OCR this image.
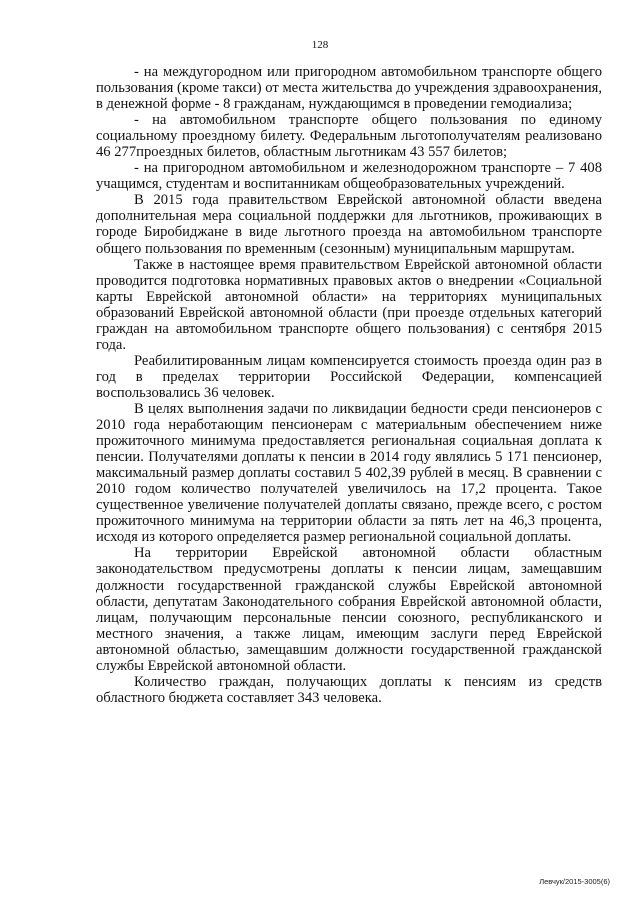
128

- на междугородном или пригородном автомобильном транспорте общего пользования (кроме такси) от места жительства до учреждения здравоохранения, в денежной форме - 8 гражданам, нуждающимся в проведении гемодиализа;

- на автомобильном транспорте общего пользования по единому социальному проездному билету. Федеральным льготополучателям реализовано 46 277проездных билетов, областным льготникам 43 557 билетов;

- на пригородном автомобильном и железнодорожном транспорте – 7 408 учащимся, студентам и воспитанникам общеобразовательных учреждений.

В 2015 года правительством Еврейской автономной области введена дополнительная мера социальной поддержки для льготников, проживающих в городе Биробиджане в виде льготного проезда на автомобильном транспорте общего пользования по временным (сезонным) муниципальным маршрутам.

Также в настоящее время правительством Еврейской автономной области проводится подготовка нормативных правовых актов о внедрении «Социальной карты Еврейской автономной области» на территориях муниципальных образований Еврейской автономной области (при проезде отдельных категорий граждан на автомобильном транспорте общего пользования) с сентября 2015 года.

Реабилитированным лицам компенсируется стоимость проезда один раз в год в пределах территории Российской Федерации, компенсацией воспользовались 36 человек.

В целях выполнения задачи по ликвидации бедности среди пенсионеров с 2010 года неработающим пенсионерам с материальным обеспечением ниже прожиточного минимума предоставляется региональная социальная доплата к пенсии. Получателями доплаты к пенсии в 2014 году являлись 5 171 пенсионер, максимальный размер доплаты составил 5 402,39 рублей в месяц. В сравнении с 2010 годом количество получателей увеличилось на 17,2 процента. Такое существенное увеличение получателей доплаты связано, прежде всего, с ростом прожиточного минимума на территории области за пять лет на 46,3 процента, исходя из которого определяется размер региональной социальной доплаты.

На территории Еврейской автономной области областным законодательством предусмотрены доплаты к пенсии лицам, замещавшим должности государственной гражданской службы Еврейской автономной области, депутатам Законодательного собрания Еврейской автономной области, лицам, получающим персональные пенсии союзного, республиканского и местного значения, а также лицам, имеющим заслуги перед Еврейской автономной областью, замещавшим должности государственной гражданской службы Еврейской автономной области.

Количество граждан, получающих доплаты к пенсиям из средств областного бюджета составляет 343 человека.

Левчук/2015-3005(6)
